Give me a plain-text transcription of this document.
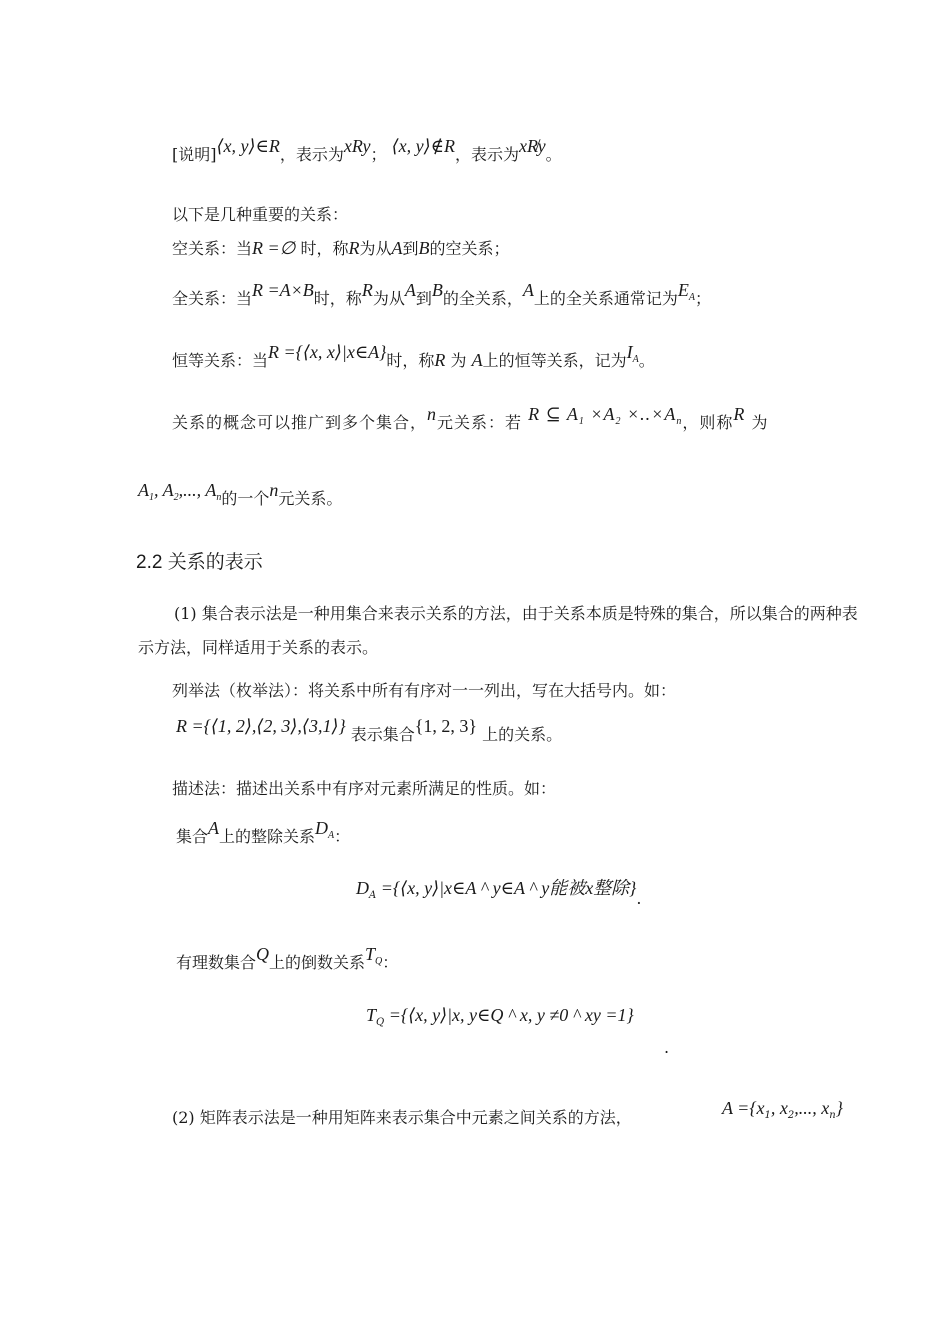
[说明]⟨x, y⟩∈R，表示为xRy； ⟨x, y⟩∉R，表示为xR̸y。
以下是几种重要的关系：
空关系：当R =∅ 时，称R为从A到B的空关系；
全关系：当R =A×B时，称R为从A到B的全关系，A上的全关系通常记为$E_A$；
恒等关系：当R ={⟨x, x⟩|x∈A}时，称R 为 A上的恒等关系，记为$I_A$。
关系的概念可以推广到多个集合，n元关系：若 R ⊆ $A_1 \times A_2 \times..\times A_n$，则称R 为
$A_1$, $A_2$,..., $A_n$的一个n元关系。
2.2 关系的表示
(1) 集合表示法是一种用集合来表示关系的方法，由于关系本质是特殊的集合，所以集合的两种表示方法，同样适用于关系的表示。
列举法（枚举法）：将关系中所有有序对一一列出，写在大括号内。如：
R ={⟨1, 2⟩,⟨2, 3⟩,⟨3,1⟩} 表示集合{1, 2, 3} 上的关系。
描述法：描述出关系中有序对元素所满足的性质。如：
集合A上的整除关系$D_A$：
$D_A$ ={⟨x, y⟩|x∈A ^ y∈A ^ y能被x整除}.
有理数集合Q上的倒数关系$T_Q$：
$T_Q$ ={⟨x, y⟩|x, y∈Q ^ x, y ≠0 ^ xy =1}
.
(2) 矩阵表示法是一种用矩阵来表示集合中元素之间关系的方法，	$A =\{x_1$, $x_2$,..., $x_n$}
